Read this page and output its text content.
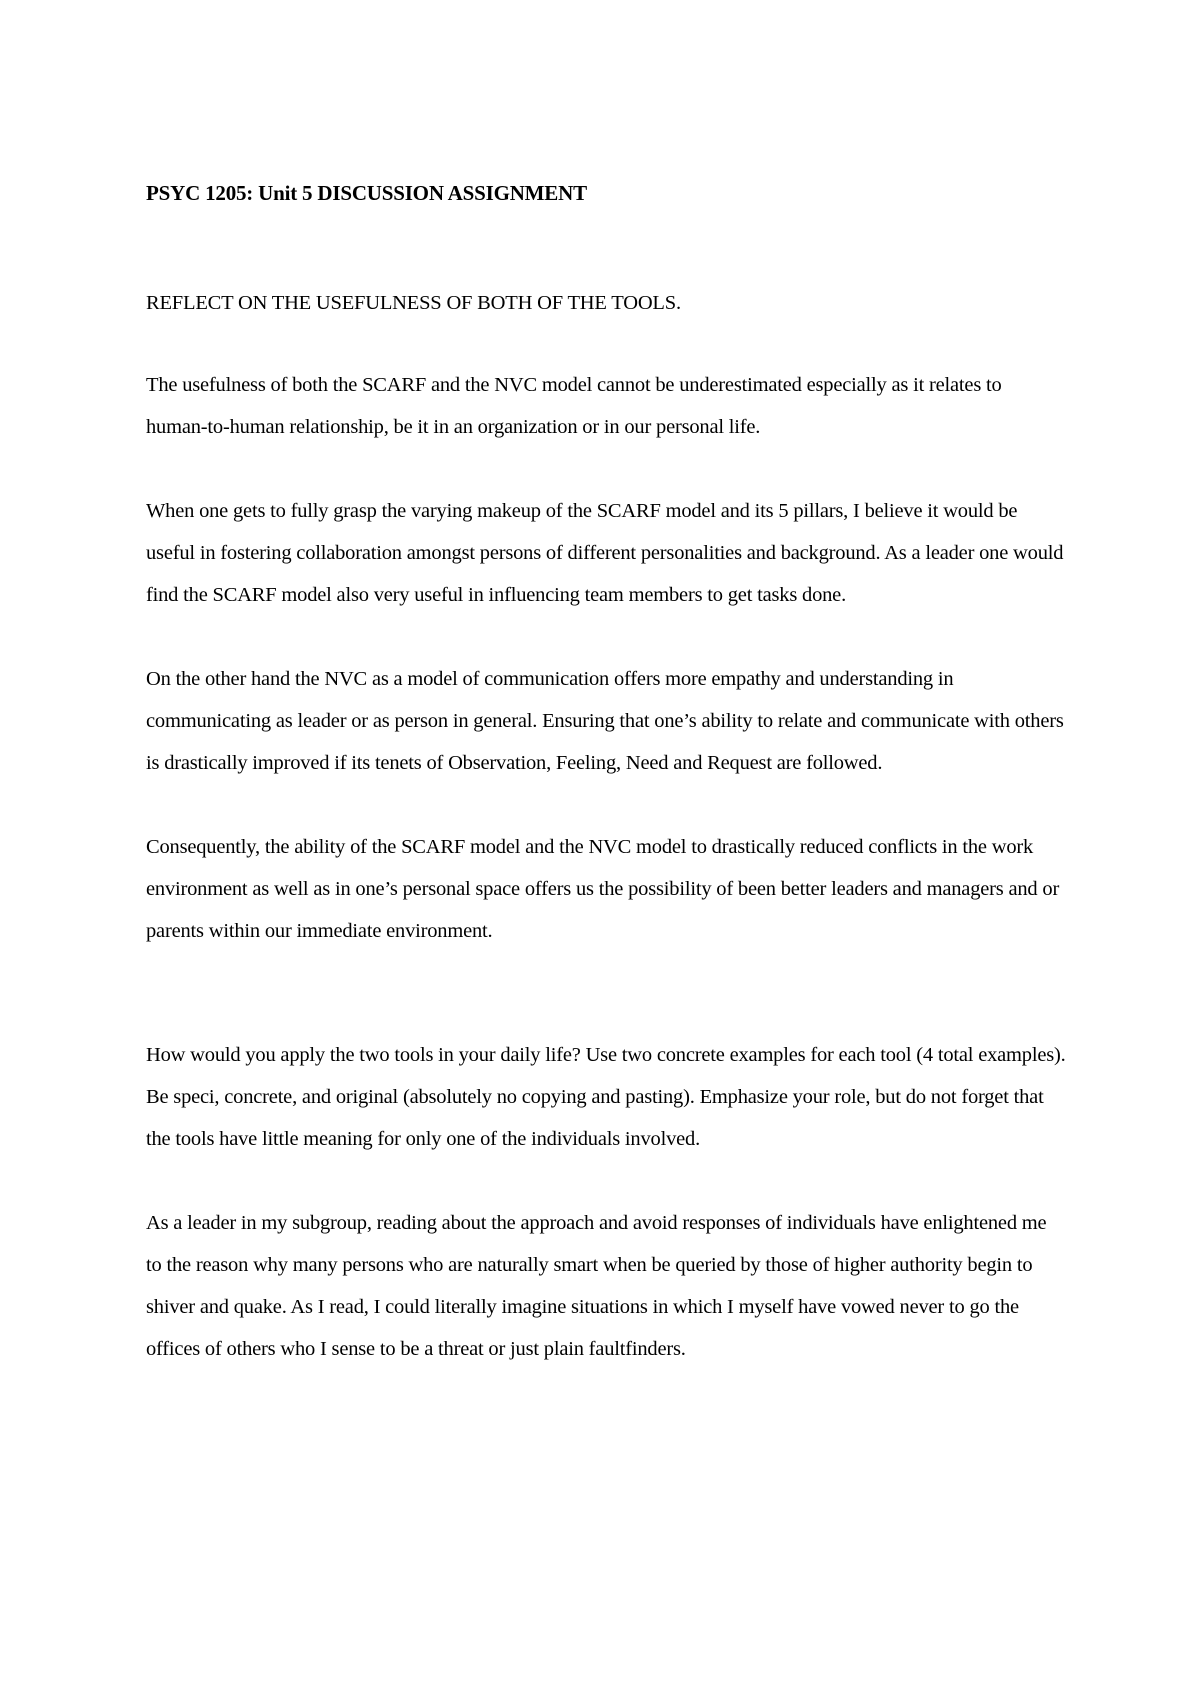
PSYC 1205: Unit 5 DISCUSSION ASSIGNMENT

REFLECT ON THE USEFULNESS OF BOTH OF THE TOOLS.

The usefulness of both the SCARF and the NVC model cannot be underestimated especially as it relates to human-to-human relationship, be it in an organization or in our personal life.

When one gets to fully grasp the varying makeup of the SCARF model and its 5 pillars, I believe it would be useful in fostering collaboration amongst persons of different personalities and background. As a leader one would find the SCARF model also very useful in influencing team members to get tasks done.

On the other hand the NVC as a model of communication offers more empathy and understanding in communicating as leader or as person in general. Ensuring that one’s ability to relate and communicate with others is drastically improved if its tenets of Observation, Feeling, Need and Request are followed.

Consequently, the ability of the SCARF model and the NVC model to drastically reduced conflicts in the work environment as well as in one’s personal space offers us the possibility of been better leaders and managers and or parents within our immediate environment.

How would you apply the two tools in your daily life? Use two concrete examples for each tool (4 total examples). Be speci, concrete, and original (absolutely no copying and pasting). Emphasize your role, but do not forget that the tools have little meaning for only one of the individuals involved.

As a leader in my subgroup, reading about the approach and avoid responses of individuals have enlightened me to the reason why many persons who are naturally smart when be queried by those of higher authority begin to shiver and quake. As I read, I could literally imagine situations in which I myself have vowed never to go the offices of others who I sense to be a threat or just plain faultfinders.
